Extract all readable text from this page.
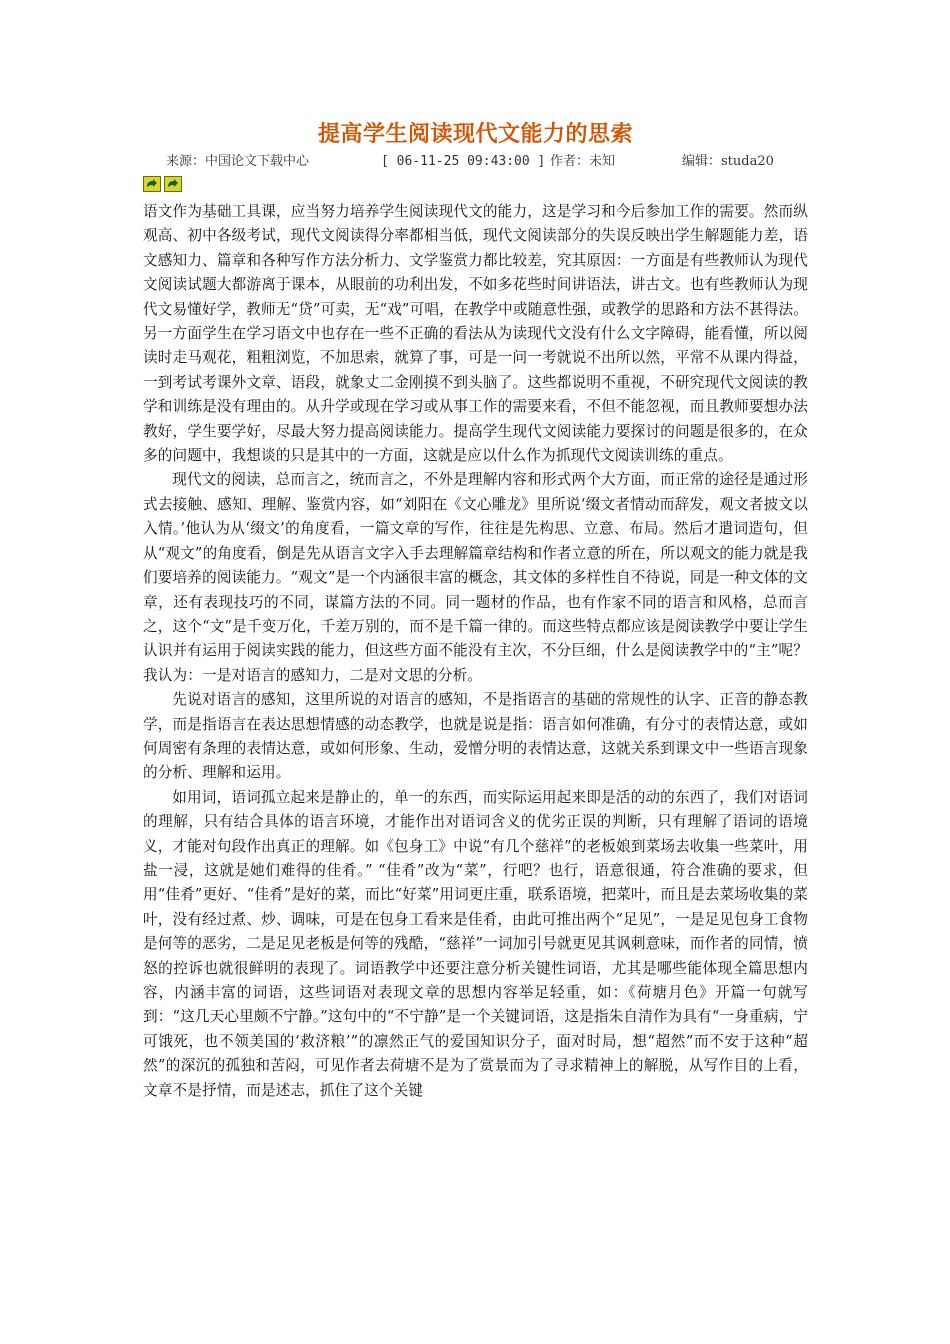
提高学生阅读现代文能力的思索
来源：中国论文下载中心	[ 06-11-25 09:43:00 ] 作者：未知	编辑：studa20

语文作为基础工具课，应当努力培养学生阅读现代文的能力，这是学习和今后参加工作的需要。然而纵观高、初中各级考试，现代文阅读得分率都相当低，现代文阅读部分的失误反映出学生解题能力差，语文感知力、篇章和各种写作方法分析力、文学鉴赏力都比较差，究其原因：一方面是有些教师认为现代文阅读试题大都游离于课本，从眼前的功利出发，不如多花些时间讲语法，讲古文。也有些教师认为现代文易懂好学，教师无“贷”可卖，无“戏”可唱，在教学中或随意性强，或教学的思路和方法不甚得法。另一方面学生在学习语文中也存在一些不正确的看法从为读现代文没有什么文字障碍，能看懂，所以阅读时走马观花，粗粗浏览，不加思索，就算了事，可是一问一考就说不出所以然，平常不从课内得益，一到考试考课外文章、语段，就象丈二金刚摸不到头脑了。这些都说明不重视，不研究现代文阅读的教学和训练是没有理由的。从升学或现在学习或从事工作的需要来看，不但不能忽视，而且教师要想办法教好，学生要学好，尽最大努力提高阅读能力。提高学生现代文阅读能力要探讨的问题是很多的，在众多的问题中，我想谈的只是其中的一方面，这就是应以什么作为抓现代文阅读训练的重点。

现代文的阅读，总而言之，统而言之，不外是理解内容和形式两个大方面，而正常的途径是通过形式去接触、感知、理解、鉴赏内容，如“刘阳在《文心雕龙》里所说‘缀文者情动而辞发，观文者披文以入情。’他认为从‘缀文’的角度看，一篇文章的写作，往往是先构思、立意、布局。然后才遣词造句，但从“观文”的角度看，倒是先从语言文字入手去理解篇章结构和作者立意的所在，所以观文的能力就是我们要培养的阅读能力。“观文”是一个内涵很丰富的概念，其文体的多样性自不待说，同是一种文体的文章，还有表现技巧的不同，谋篇方法的不同。同一题材的作品，也有作家不同的语言和风格，总而言之，这个“文”是千变万化，千差万别的，而不是千篇一律的。而这些特点都应该是阅读教学中要让学生认识并有运用于阅读实践的能力，但这些方面不能没有主次，不分巨细，什么是阅读教学中的“主”呢？我认为：一是对语言的感知力，二是对文思的分析。

先说对语言的感知，这里所说的对语言的感知，不是指语言的基础的常规性的认字、正音的静态教学，而是指语言在表达思想情感的动态教学，也就是说是指：语言如何准确，有分寸的表情达意，或如何周密有条理的表情达意，或如何形象、生动，爱憎分明的表情达意，这就关系到课文中一些语言现象的分析、理解和运用。

如用词，语词孤立起来是静止的，单一的东西，而实际运用起来即是活的动的东西了，我们对语词的理解，只有结合具体的语言环境，才能作出对语词含义的优劣正误的判断，只有理解了语词的语境义，才能对句段作出真正的理解。如《包身工》中说“有几个慈祥”的老板娘到菜场去收集一些菜叶，用盐一浸，这就是她们难得的佳肴。” “佳肴”改为“菜”，行吧？也行，语意很通，符合准确的要求，但用“佳肴”更好、“佳肴”是好的菜，而比“好菜”用词更庄重，联系语境，把菜叶，而且是去菜场收集的菜叶，没有经过煮、炒、调味，可是在包身工看来是佳肴，由此可推出两个“足见”，一是足见包身工食物是何等的恶劣，二是足见老板是何等的残酷，“慈祥”一词加引号就更见其讽刺意味，而作者的同情，愤怒的控诉也就很鲜明的表现了。词语教学中还要注意分析关键性词语，尤其是哪些能体现全篇思想内容，内涵丰富的词语，这些词语对表现文章的思想内容举足轻重，如：《荷塘月色》开篇一句就写到：“这几天心里颇不宁静。”这句中的“不宁静”是一个关键词语，这是指朱自清作为具有“一身重病，宁可饿死，也不领美国的‘救济粮’”的凛然正气的爱国知识分子，面对时局，想“超然”而不安于这种“超然”的深沉的孤独和苦闷，可见作者去荷塘不是为了赏景而为了寻求精神上的解脱，从写作目的上看，文章不是抒情，而是述志，抓住了这个关键
